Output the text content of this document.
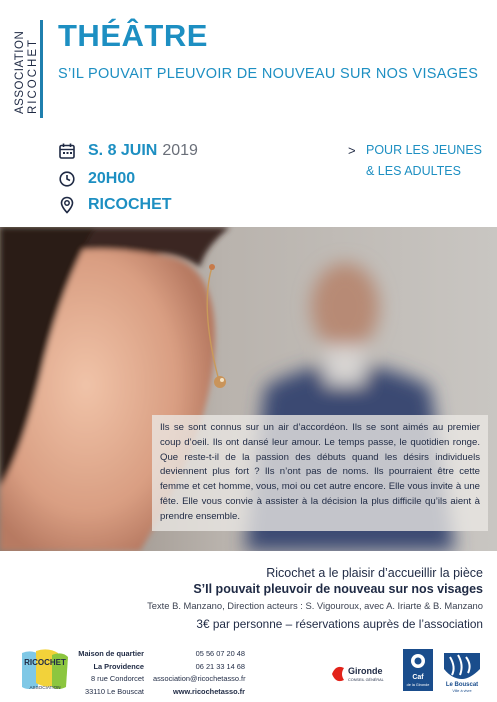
ASSOCIATION RICOCHET
THÉÂTRE
S’IL POUVAIT PLEUVOIR DE NOUVEAU SUR NOS VISAGES
S. 8 JUIN 2019
20H00
RICOCHET
> POUR LES JEUNES
& LES ADULTES
Ils se sont connus sur un air d’accordéon. Ils se sont aimés au premier coup d’oeil. Ils ont dansé leur amour. Le temps passe, le quotidien ronge. Que reste-t-il de la passion des débuts quand les désirs individuels deviennent plus fort ? Ils n’ont pas de noms. Ils pourraient être cette femme et cet homme, vous, moi ou cet autre encore. Elle vous invite à une fête. Elle vous convie à assister à la décision la plus difficile qu’ils aient à prendre ensemble.
Ricochet a le plaisir d’accueillir la pièce
S’Il pouvait pleuvoir de nouveau sur nos visages
Texte B. Manzano, Direction acteurs : S. Vigouroux, avec A. Iriarte & B. Manzano
3€ par personne – réservations auprès de l’association
RICOCHET
ASSOCIATION
Maison de quartier
La Providence
8 rue Condorcet
33110 Le Bouscat
05 56 07 20 48
06 21 33 14 68
association@ricochetasso.fr
www.ricochetasso.fr
Gironde
CONSEIL GÉNÉRAL	Caf
de la Gironde	Le Bouscat
Ville à vivre
